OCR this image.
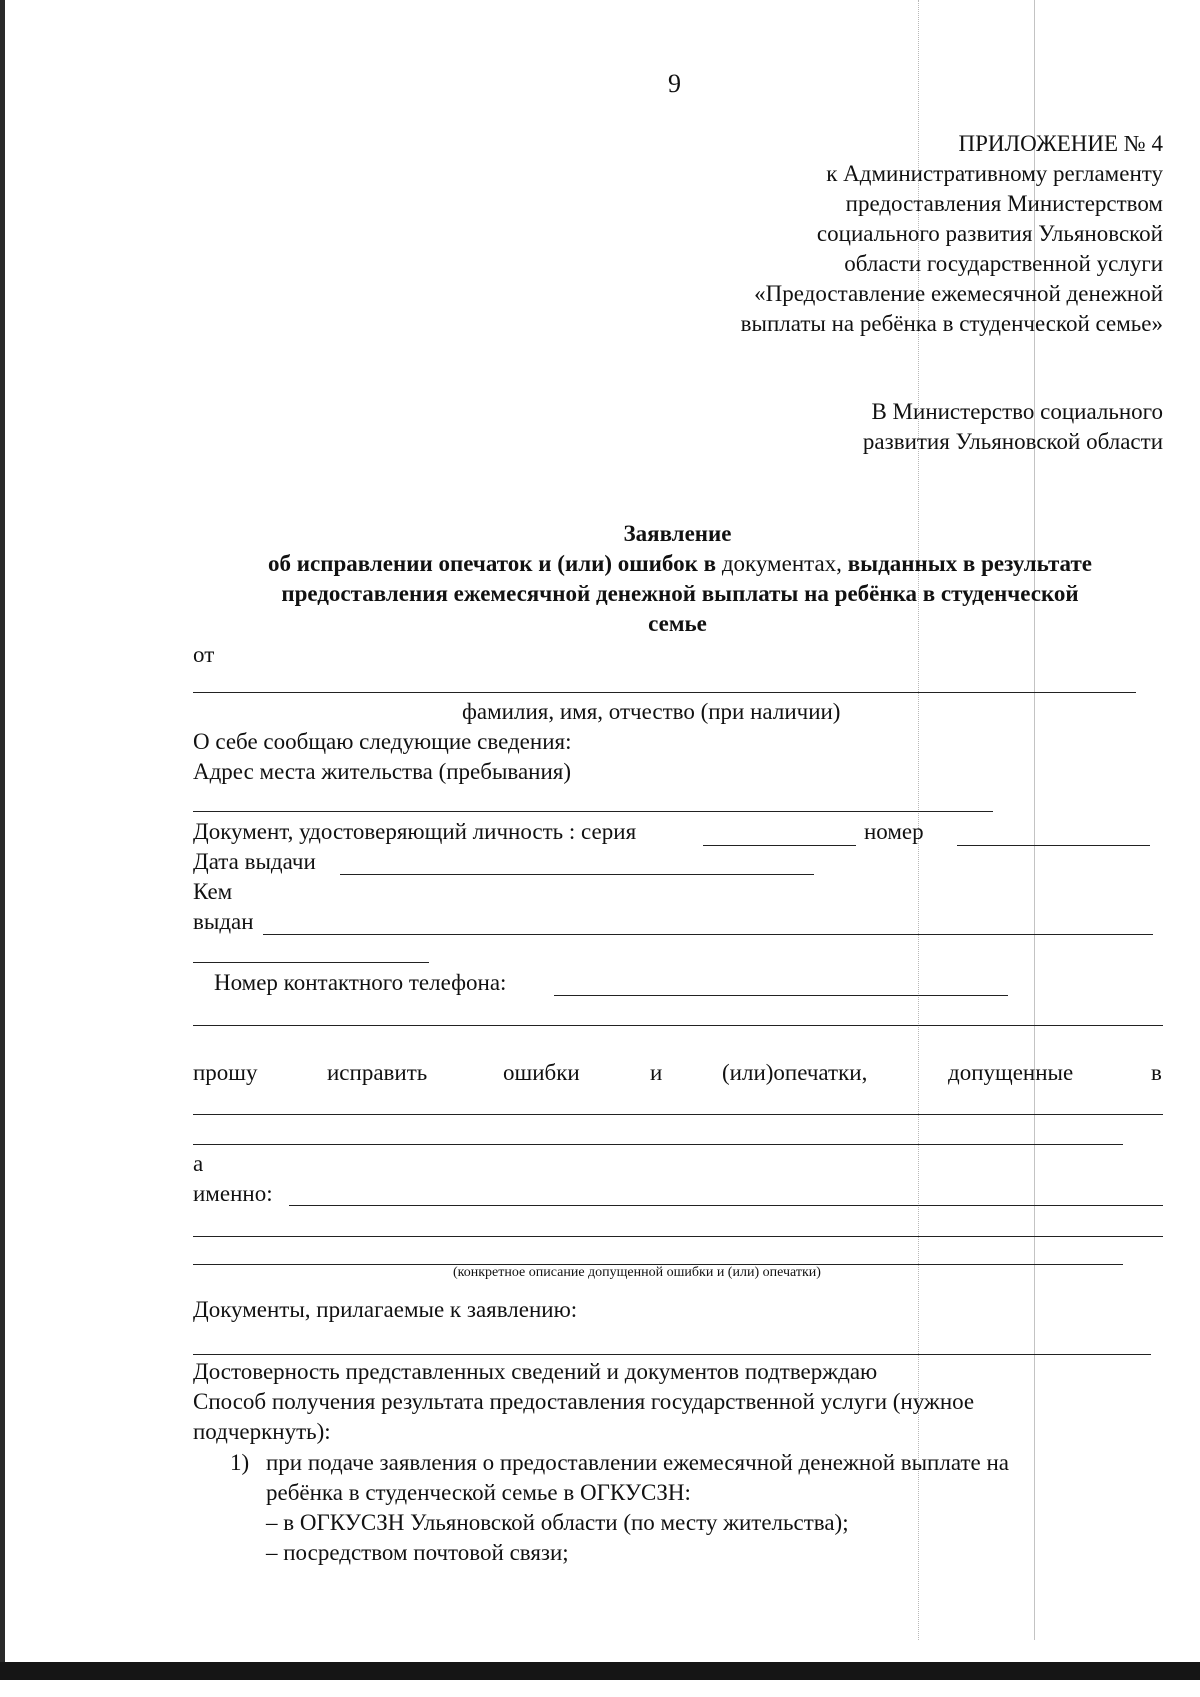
9
ПРИЛОЖЕНИЕ № 4
к Административному регламенту
предоставления Министерством
социального развития Ульяновской
области государственной услуги
«Предоставление ежемесячной денежной
выплаты на ребёнка в студенческой семье»
В Министерство социального
развития Ульяновской области
Заявление
об исправлении опечаток и (или) ошибок в документах, выданных в результате
предоставления ежемесячной денежной выплаты на ребёнка в студенческой
семье
от
фамилия, имя, отчество (при наличии)
О себе сообщаю следующие сведения:
Адрес места жительства (пребывания)
Документ, удостоверяющий личность : серия	номер
Дата выдачи
Кем
выдан
Номер контактного телефона:
прошу	исправить	ошибки	и	(или)опечатки,	допущенные	в
а
именно:
(конкретное описание допущенной ошибки и (или) опечатки)
Документы, прилагаемые к заявлению:
Достоверность представленных сведений и документов подтверждаю
Способ получения результата предоставления государственной услуги (нужное
подчеркнуть):
1) при подаче заявления о предоставлении ежемесячной денежной выплате на
ребёнка в студенческой семье в ОГКУСЗН:
– в ОГКУСЗН Ульяновской области (по месту жительства);
– посредством почтовой связи;
